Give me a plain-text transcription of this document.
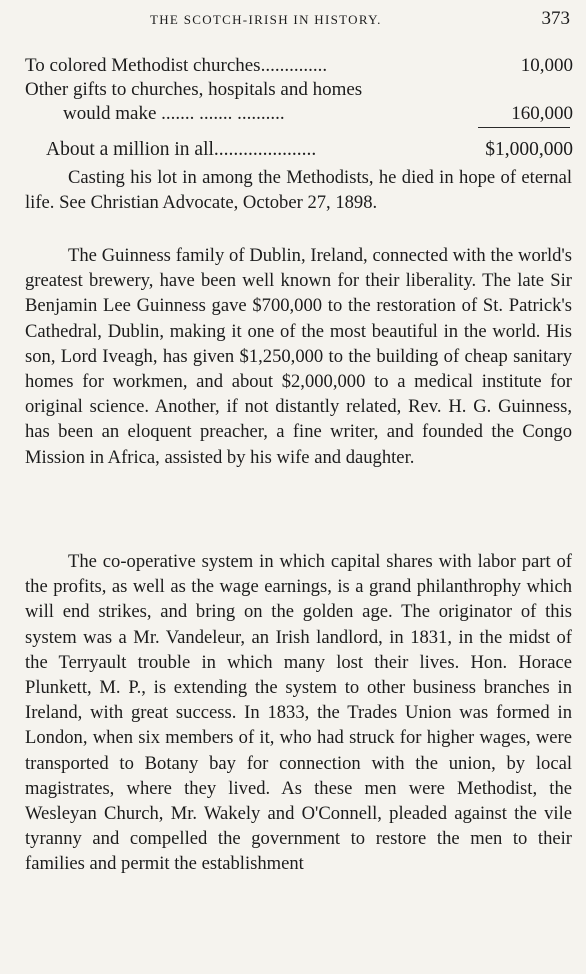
THE SCOTCH-IRISH IN HISTORY.	373
To colored Methodist churches..............	10,000
Other gifts to churches, hospitals and homes
  would make ....... ....... ..........	160,000
About a million in all.....................	$1,000,000

Casting his lot in among the Methodists, he died in hope of eternal life. See Christian Advocate, October 27, 1898.

The Guinness family of Dublin, Ireland, connected with the world's greatest brewery, have been well known for their liberality. The late Sir Benjamin Lee Guinness gave $700,000 to the restoration of St. Patrick's Cathedral, Dublin, making it one of the most beautiful in the world. His son, Lord Iveagh, has given $1,250,000 to the building of cheap sanitary homes for workmen, and about $2,000,000 to a medical institute for original science. Another, if not distantly related, Rev. H. G. Guinness, has been an eloquent preacher, a fine writer, and founded the Congo Mission in Africa, assisted by his wife and daughter.

The co-operative system in which capital shares with labor part of the profits, as well as the wage earnings, is a grand philanthrophy which will end strikes, and bring on the golden age. The originator of this system was a Mr. Vandeleur, an Irish landlord, in 1831, in the midst of the Terryault trouble in which many lost their lives. Hon. Horace Plunkett, M. P., is extending the system to other business branches in Ireland, with great success. In 1833, the Trades Union was formed in London, when six members of it, who had struck for higher wages, were transported to Botany bay for connection with the union, by local magistrates, where they lived. As these men were Methodist, the Wesleyan Church, Mr. Wakely and O'Connell, pleaded against the vile tyranny and compelled the government to restore the men to their families and permit the establishment
